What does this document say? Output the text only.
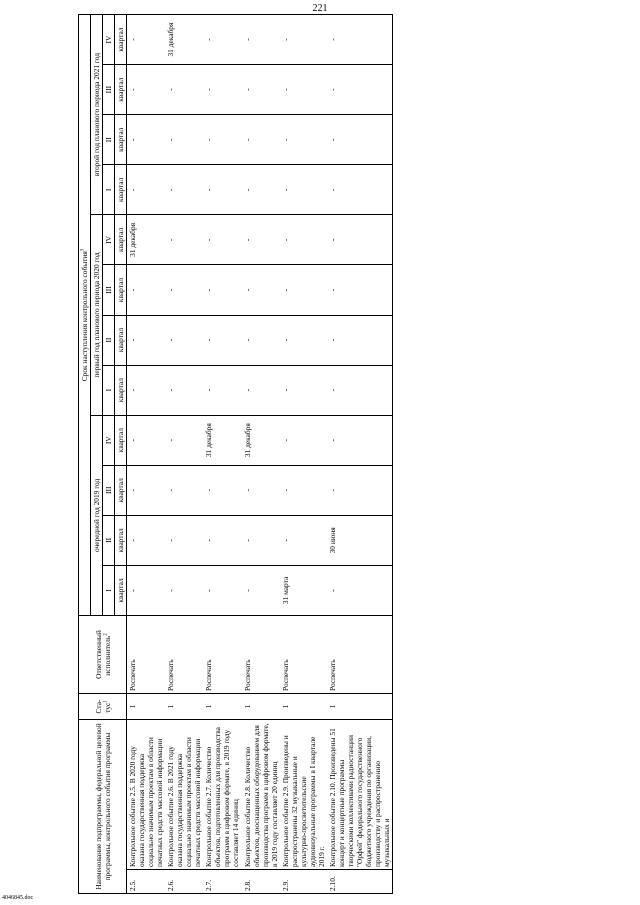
221
Наименование подпрограммы, федеральной целевой программы, контрольного события программы		Ста-тус$^1$	Ответственный исполнитель$^2$	Срок наступления контрольного события$^3$
				очередной год 2019 год				первый год планового периода 2020 год				второй год планового периода 2021 год			
				I	II	III	IV	I	II	III	IV	I	II	III	IV
				квартал	квартал	квартал	квартал	квартал	квартал	квартал	квартал	квартал	квартал	квартал	квартал
2.5.	Контрольное событие 2.5. В 2020 году оказана государственная поддержка социально значимым проектам в области печатных средств массовой информации	1	Роспечать	-	-	-	-	-	-	-	31 декабря	-	-	-	-
2.6.	Контрольное событие 2.6. В 2021 году оказана государственная поддержка социально значимым проектам в области печатных средств массовой информации	1	Роспечать	-	-	-	-	-	-	-	-	-	-	-	31 декабря
2.7.	Контрольное событие 2.7. Количество объектов, подготовленных для производства программ в цифровом формате, в 2019 году составляет 14 единиц	1	Роспечать	-	-	-	31 декабря	-	-	-	-	-	-	-	-
2.8.	Контрольное событие 2.8. Количество объектов, дооснащенных оборудованием для производства программ в цифровом формате, в 2019 году составляет 20 единиц	1	Роспечать	-	-	-	31 декабря	-	-	-	-	-	-	-	-
2.9.	Контрольное событие 2.9. Произведены и распространены 32 музыкальные и культурно-просветительские аудиовизуальные программы в I квартале 2019 г.	1	Роспечать	31 марта	-	-	-	-	-	-	-	-	-	-	-
2.10.	Контрольное событие 2.10. Произведены 51 концерт и концертные программы творческими коллективами радиостанции "Орфей" федерального государственного бюджетного учреждения по организации, производству и распространению музыкальных и	1	Роспечать	-	30 июня	-	-	-	-	-	-	-	-	-	-
4046845.doc
